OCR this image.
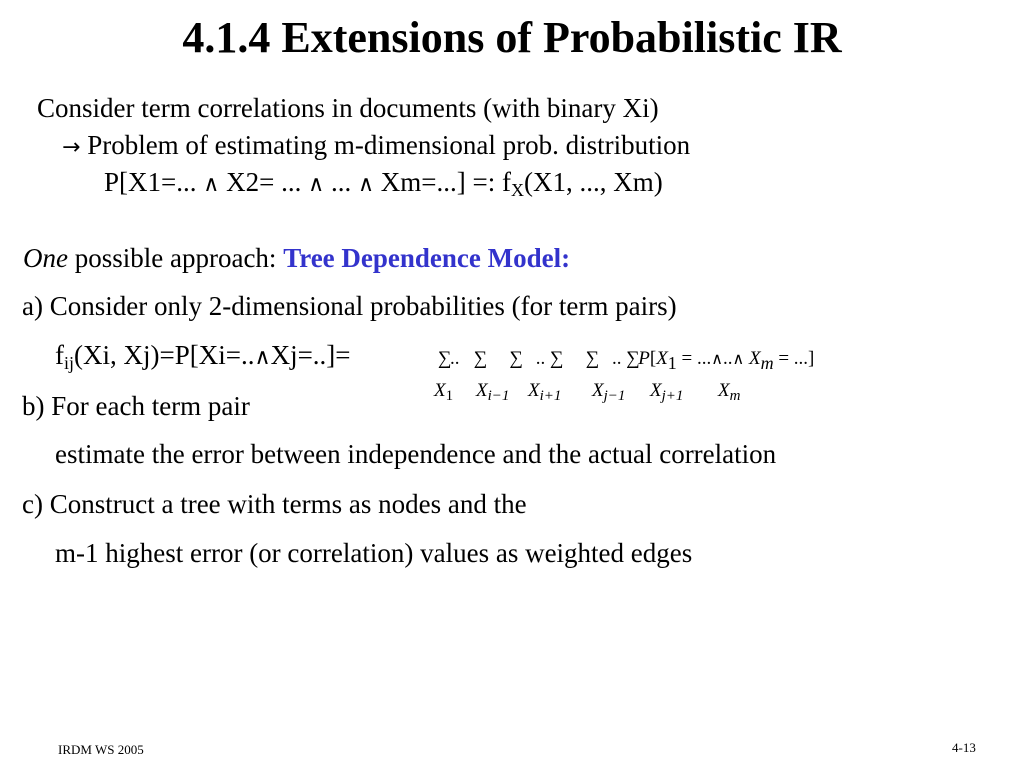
4.1.4 Extensions of Probabilistic IR
Consider term correlations in documents (with binary Xi)
→ Problem of estimating m-dimensional prob. distribution
P[X1=... ∧ X2= ... ∧ ... ∧ Xm=...] =: $f_X(X1$, ..., Xm)
One possible approach: Tree Dependence Model:
a) Consider only 2-dimensional probabilities (for term pairs)
$f_{ij}(Xi$, Xj)=P[Xi=..∧Xj=..]=	∑.. ∑ ∑ .. ∑ ∑ .. $\sum P[X_1$ = ...∧..∧ $X_m$ = ...]
$X_1$ $X_{i-1}$ $X_{i+1}$ $X_{j-1}$ $X_{j+1}$ $X_m$
b) For each term pair
estimate the error between independence and the actual correlation
c) Construct a tree with terms as nodes and the
m-1 highest error (or correlation) values as weighted edges
IRDM WS 2005	4-13
